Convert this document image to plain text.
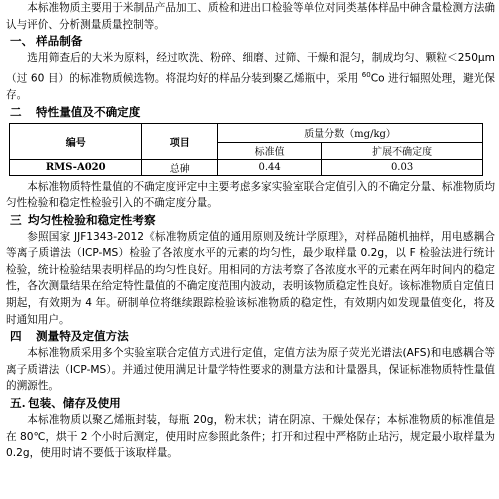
本标准物质主要用于米制品产品加工、质检和进出口检验等单位对同类基体样品中砷含量检测方法确认与评价、分析测量质量控制等。

一、 样品制备

选用筛查后的大米为原料，经过吹洗、粉碎、细磨、过筛、干燥和混匀，制成均匀、颗粒＜250μm（过 60 目）的标准物质候选物。将混均好的样品分装到聚乙烯瓶中，采用 $^{60}$Co 进行辐照处理，避光保存。

二 特性量值及不确定度
编号	项目	质量分数（mg/kg）	
		标准值	扩展不确定度
RMS-A020	总砷	0.44	0.03

本标准物质特性量值的不确定度评定中主要考虑多家实验室联合定值引入的不确定分量、标准物质均匀性检验和稳定性检验引入的不确定度分量。

三 均匀性检验和稳定性考察

参照国家 JJF1343-2012《标准物质定值的通用原则及统计学原理》，对样品随机抽样，用电感耦合等离子质谱法（ICP-MS）检验了各浓度水平的元素的均匀性，最少取样量 0.2g，以 F 检验法进行统计检验，统计检验结果表明样品的均匀性良好。用相同的方法考察了各浓度水平的元素在两年时间内的稳定性，各次测量结果在给定特性量值的不确定度范围内波动，表明该物质稳定性良好。该标准物质自定值日期起，有效期为 4 年。研制单位将继续跟踪检验该标准物质的稳定性，有效期内如发现量值变化，将及时通知用户。

四 测量特及定值方法

本标准物质采用多个实验室联合定值方式进行定值，定值方法为原子荧光光谱法(AFS)和电感耦合等离子质谱法（ICP-MS）。并通过使用满足计量学特性要求的测量方法和计量器具，保证标准物质特性量值的溯源性。

五. 包装、储存及使用

本标准物质以聚乙烯瓶封装，每瓶 20g，粉末状；请在阴凉、干燥处保存；本标准物质的标准值是在 80℃，烘干 2 个小时后测定，使用时应参照此条件；打开和过程中严格防止玷污，规定最小取样量为 0.2g，使用时请不要低于该取样量。
